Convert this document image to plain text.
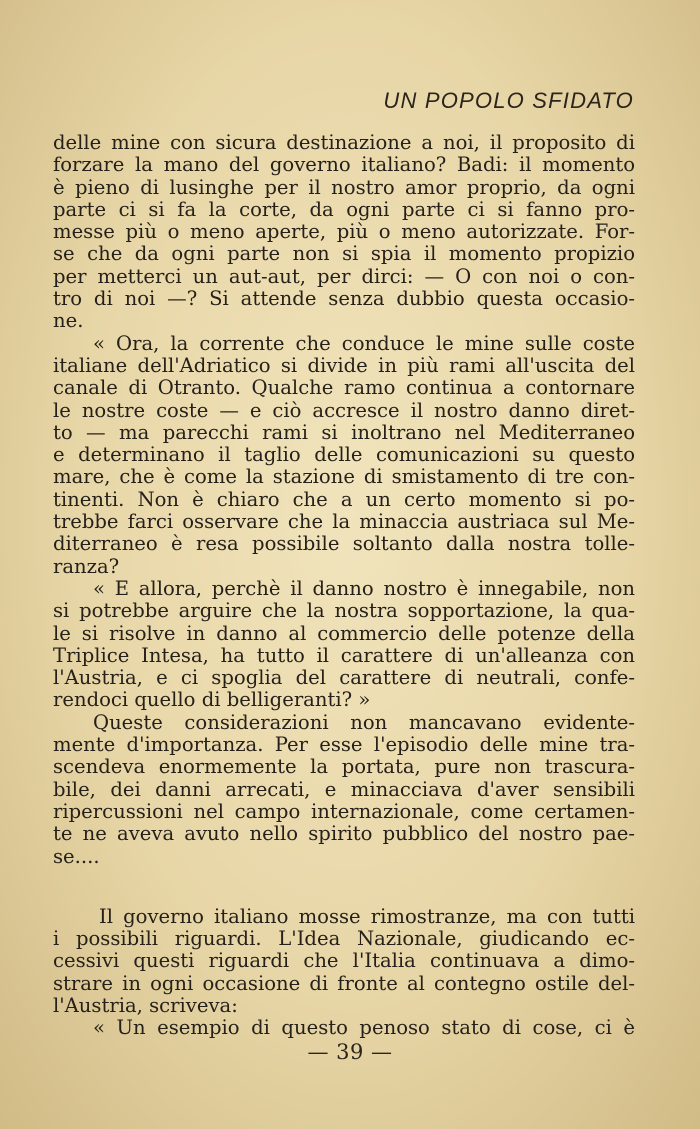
UN POPOLO SFIDATO
delle mine con sicura destinazione a noi, il proposito di
forzare la mano del governo italiano? Badi: il momento
è pieno di lusinghe per il nostro amor proprio, da ogni
parte ci si fa la corte, da ogni parte ci si fanno pro-
messe più o meno aperte, più o meno autorizzate. For-
se che da ogni parte non si spia il momento propizio
per metterci un aut-aut, per dirci: — O con noi o con-
tro di noi —? Si attende senza dubbio questa occasio-
ne.
« Ora, la corrente che conduce le mine sulle coste
italiane dell'Adriatico si divide in più rami all'uscita del
canale di Otranto. Qualche ramo continua a contornare
le nostre coste — e ciò accresce il nostro danno diret-
to — ma parecchi rami si inoltrano nel Mediterraneo
e determinano il taglio delle comunicazioni su questo
mare, che è come la stazione di smistamento di tre con-
tinenti. Non è chiaro che a un certo momento si po-
trebbe farci osservare che la minaccia austriaca sul Me-
diterraneo è resa possibile soltanto dalla nostra tolle-
ranza?
« E allora, perchè il danno nostro è innegabile, non
si potrebbe arguire che la nostra sopportazione, la qua-
le si risolve in danno al commercio delle potenze della
Triplice Intesa, ha tutto il carattere di un'alleanza con
l'Austria, e ci spoglia del carattere di neutrali, confe-
rendoci quello di belligeranti? »
Queste considerazioni non mancavano evidente-
mente d'importanza. Per esse l'episodio delle mine tra-
scendeva enormemente la portata, pure non trascura-
bile, dei danni arrecati, e minacciava d'aver sensibili
ripercussioni nel campo internazionale, come certamen-
te ne aveva avuto nello spirito pubblico del nostro pae-
se....
Il governo italiano mosse rimostranze, ma con tutti
i possibili riguardi. L'Idea Nazionale, giudicando ec-
cessivi questi riguardi che l'Italia continuava a dimo-
strare in ogni occasione di fronte al contegno ostile del-
l'Austria, scriveva:
« Un esempio di questo penoso stato di cose, ci è
— 39 —
